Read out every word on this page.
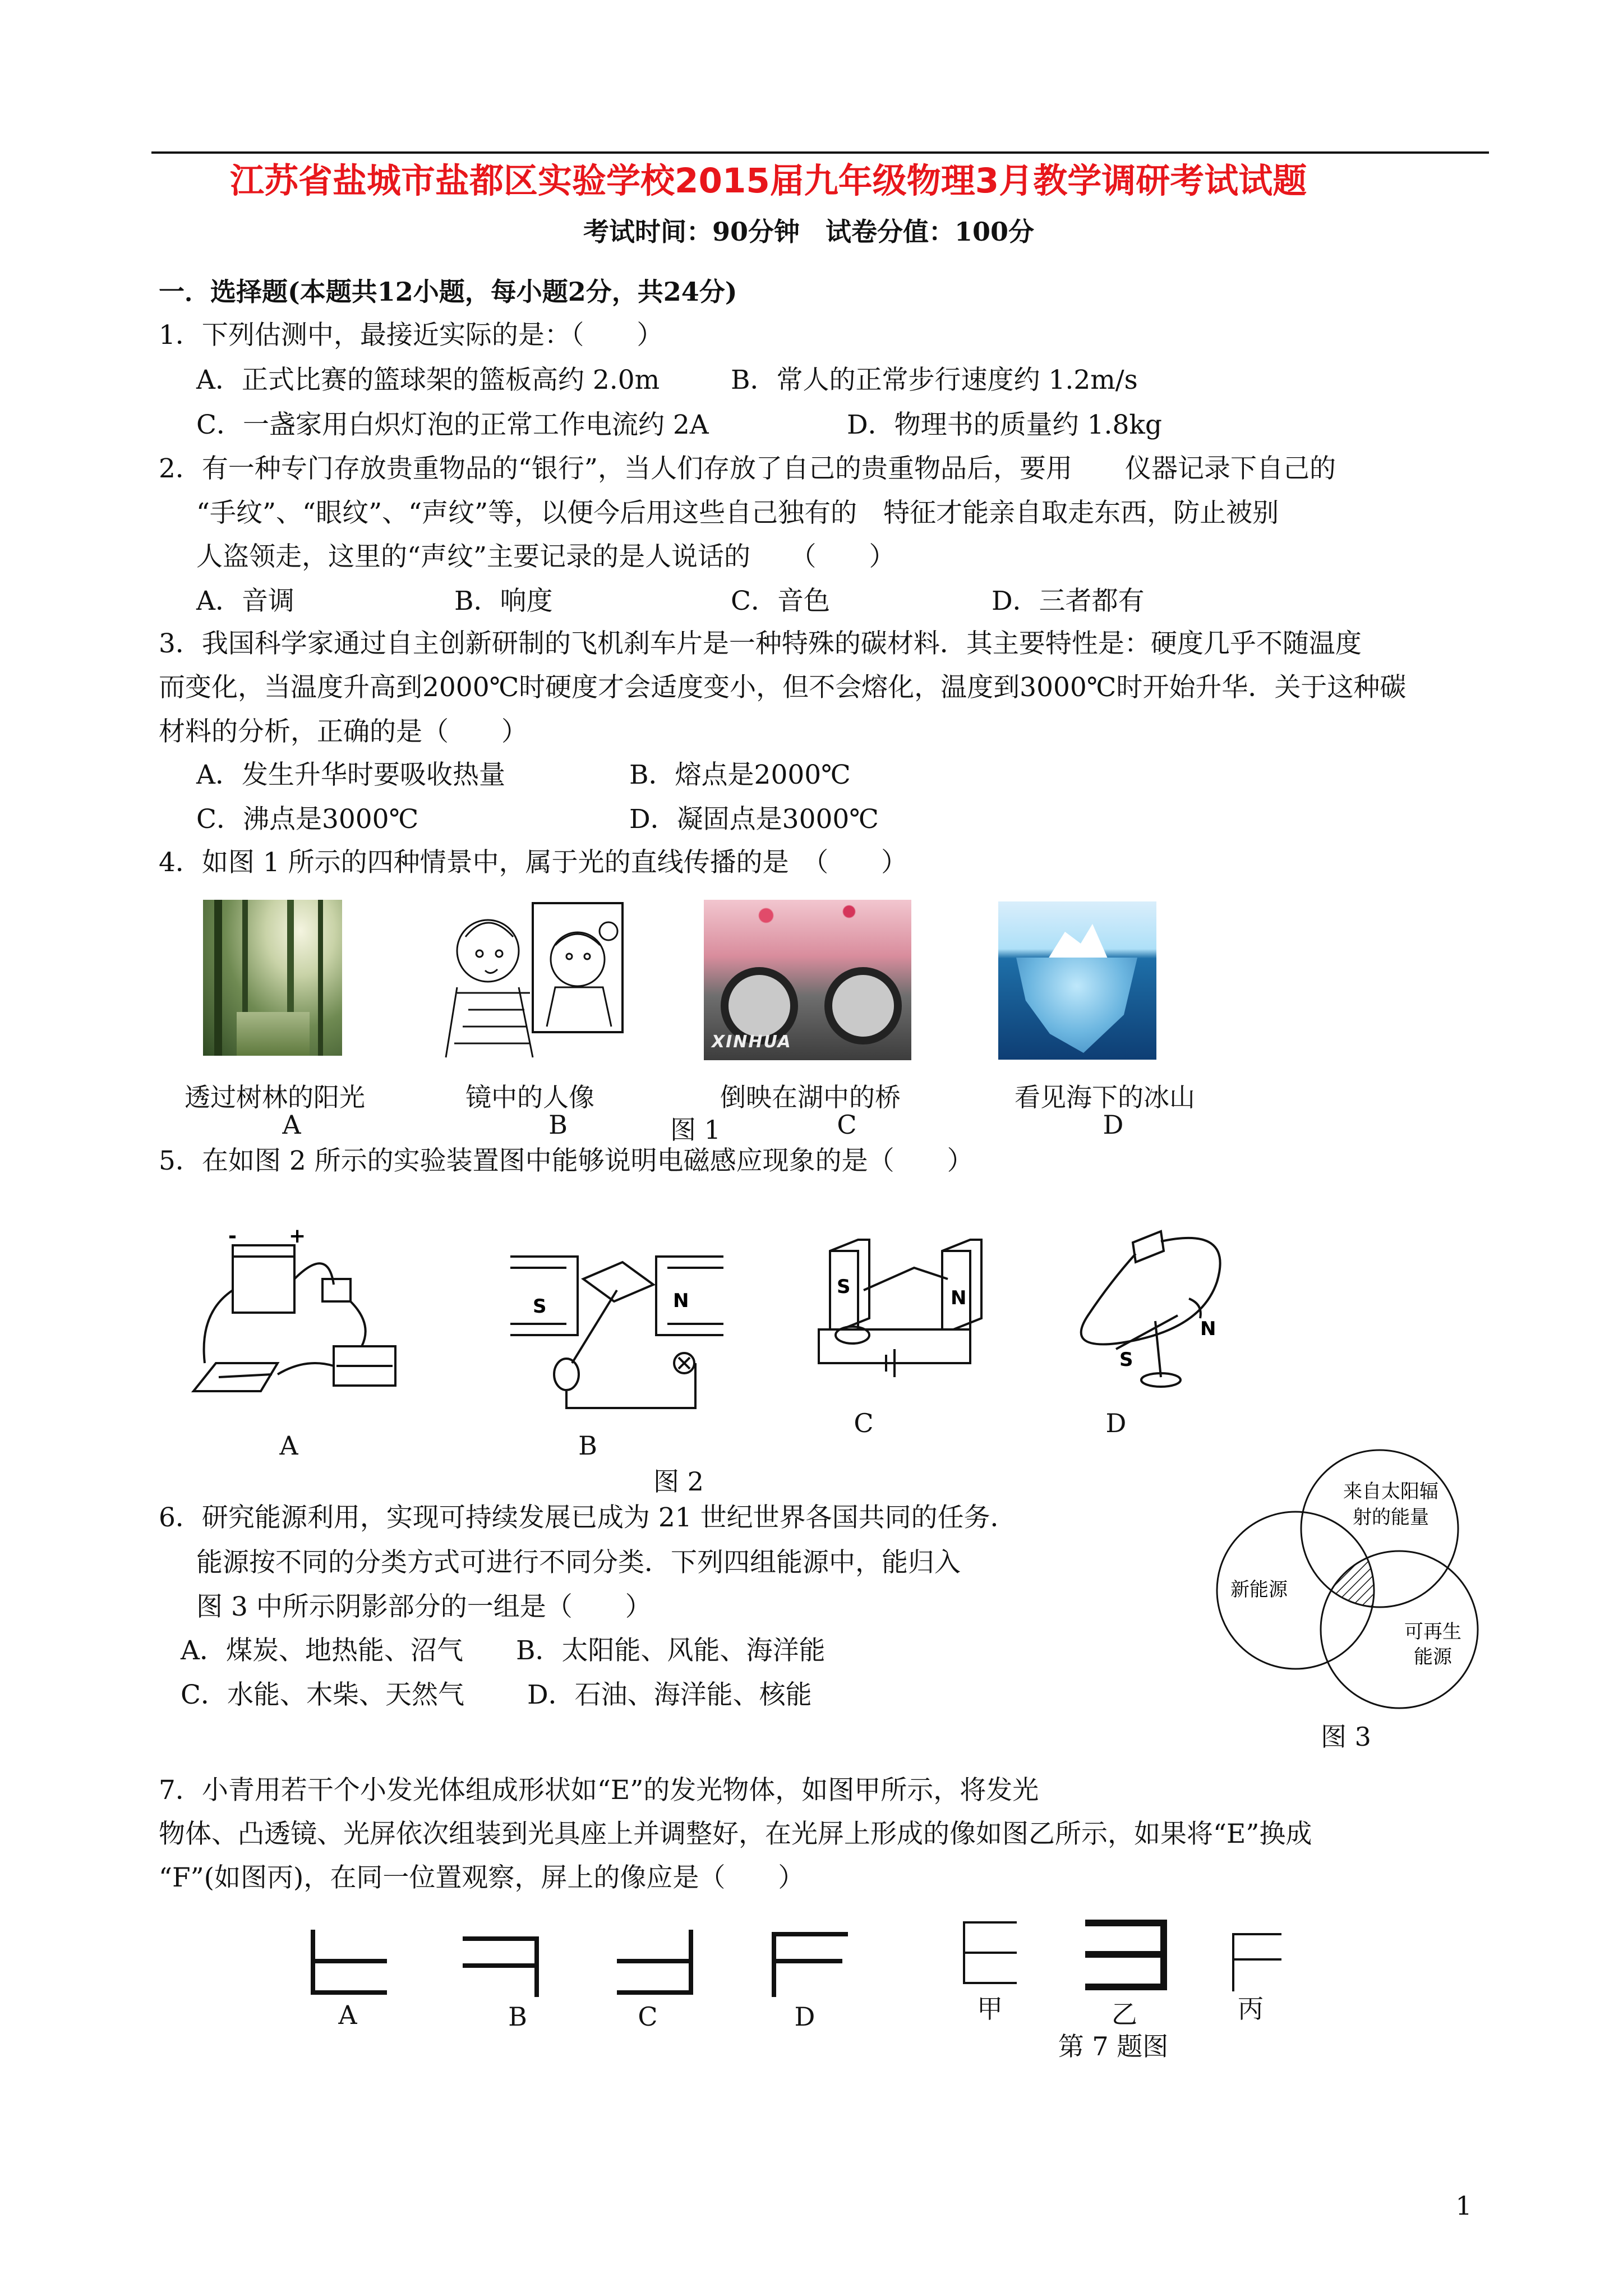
江苏省盐城市盐都区实验学校2015届九年级物理3月教学调研考试试题
考试时间：90分钟　试卷分值：100分
一．选择题(本题共12小题，每小题2分，共24分)
1．下列估测中，最接近实际的是：（　　）
A．正式比赛的篮球架的篮板高约 2.0m	B．常人的正常步行速度约 1.2m/s
C．一盏家用白炽灯泡的正常工作电流约 2A	D．物理书的质量约 1.8kg
2．有一种专门存放贵重物品的“银行”，当人们存放了自己的贵重物品后，要用　　仪器记录下自己的
“手纹”、“眼纹”、“声纹”等，以便今后用这些自己独有的　特征才能亲自取走东西，防止被别
人盗领走，这里的“声纹”主要记录的是人说话的　　（　　）
A．音调	B．响度	C．音色	D．三者都有
3．我国科学家通过自主创新研制的飞机刹车片是一种特殊的碳材料．其主要特性是：硬度几乎不随温度
而变化，当温度升高到2000℃时硬度才会适度变小，但不会熔化，温度到3000℃时开始升华．关于这种碳
材料的分析，正确的是（　　）
A．发生升华时要吸收热量	B．熔点是2000℃
C．沸点是3000℃	D．凝固点是3000℃
4．如图 1 所示的四种情景中，属于光的直线传播的是　（　　）
XINHUA
透过树林的阳光	镜中的人像	倒映在湖中的桥	看见海下的冰山
A	B	图 1	C	D
5．在如图 2 所示的实验装置图中能够说明电磁感应现象的是（　　）
+
-
S	N
S	N
S
N
C	D
A	B
图 2
6．研究能源利用，实现可持续发展已成为 21 世纪世界各国共同的任务．
能源按不同的分类方式可进行不同分类．下列四组能源中，能归入
图 3 中所示阴影部分的一组是（　　）
A．煤炭、地热能、沼气 B．太阳能、风能、海洋能
C．水能、木柴、天然气 D．石油、海洋能、核能
来自太阳辐
射的能量
新能源
可再生
能源
图 3
7．小青用若干个小发光体组成形状如“E”的发光物体，如图甲所示，将发光
物体、凸透镜、光屏依次组装到光具座上并调整好，在光屏上形成的像如图乙所示，如果将“E”换成
“F”(如图丙)，在同一位置观察，屏上的像应是（　　）
A	B	C	D	甲	乙	丙
第 7 题图
1
